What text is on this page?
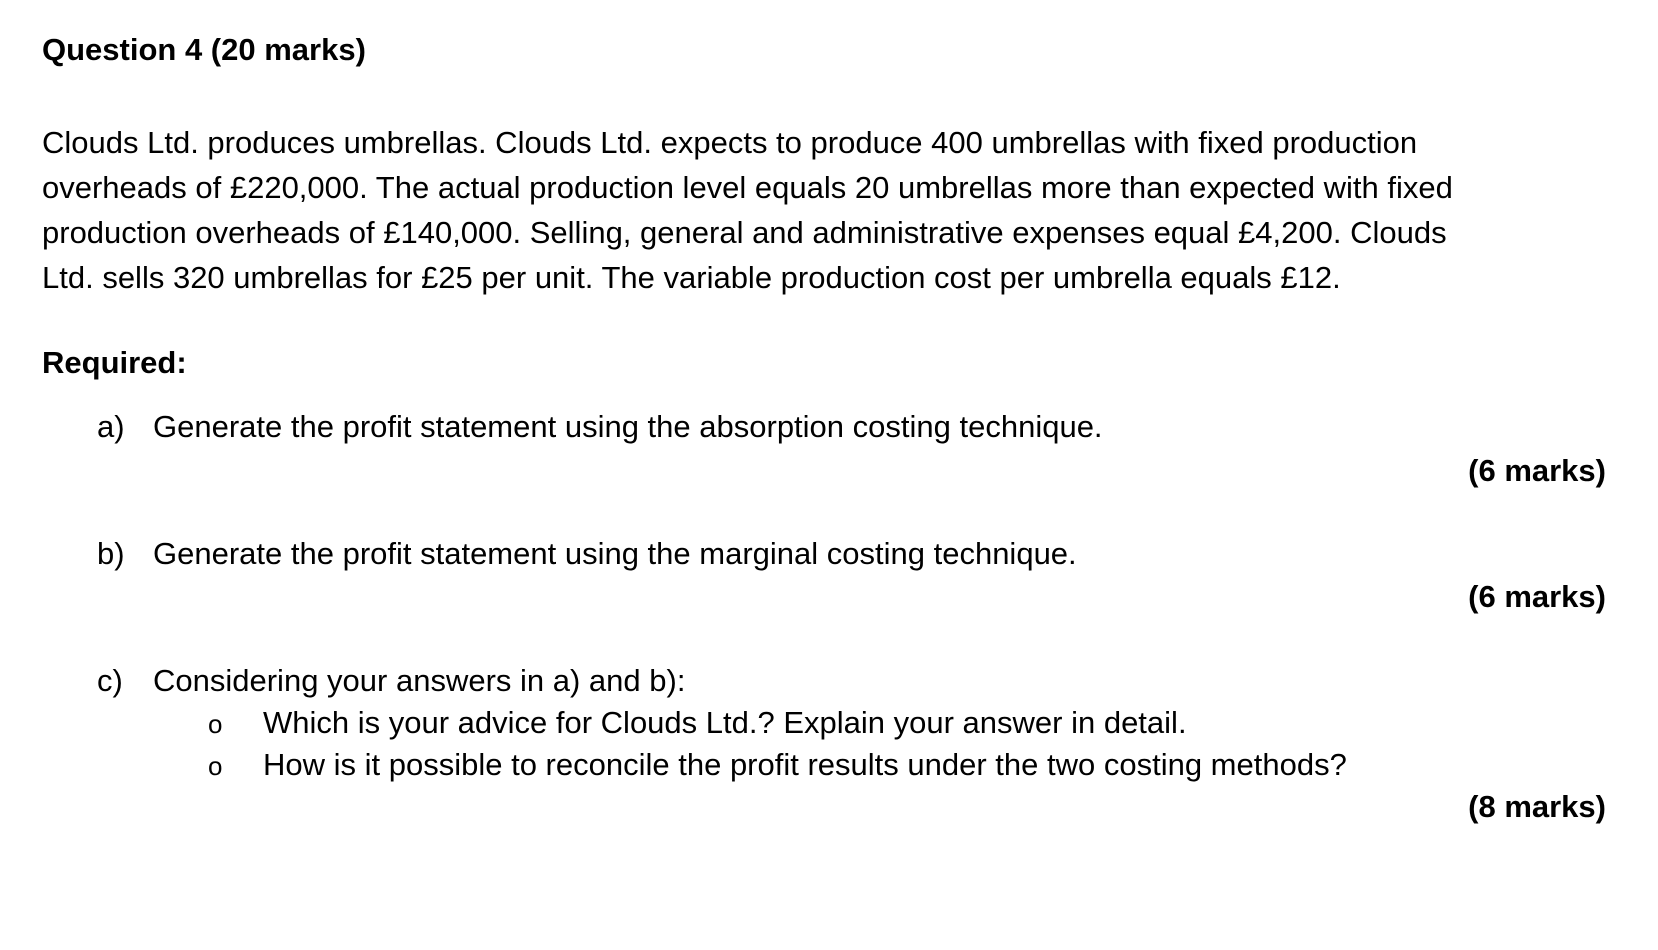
Question 4 (20 marks)
Clouds Ltd. produces umbrellas. Clouds Ltd. expects to produce 400 umbrellas with fixed production
overheads of £220,000. The actual production level equals 20 umbrellas more than expected with fixed
production overheads of £140,000. Selling, general and administrative expenses equal £4,200. Clouds
Ltd. sells 320 umbrellas for £25 per unit. The variable production cost per umbrella equals £12.
Required:
a) Generate the profit statement using the absorption costing technique.
(6 marks)
b) Generate the profit statement using the marginal costing technique.
(6 marks)
c) Considering your answers in a) and b):
o Which is your advice for Clouds Ltd.? Explain your answer in detail.
o How is it possible to reconcile the profit results under the two costing methods?
(8 marks)
